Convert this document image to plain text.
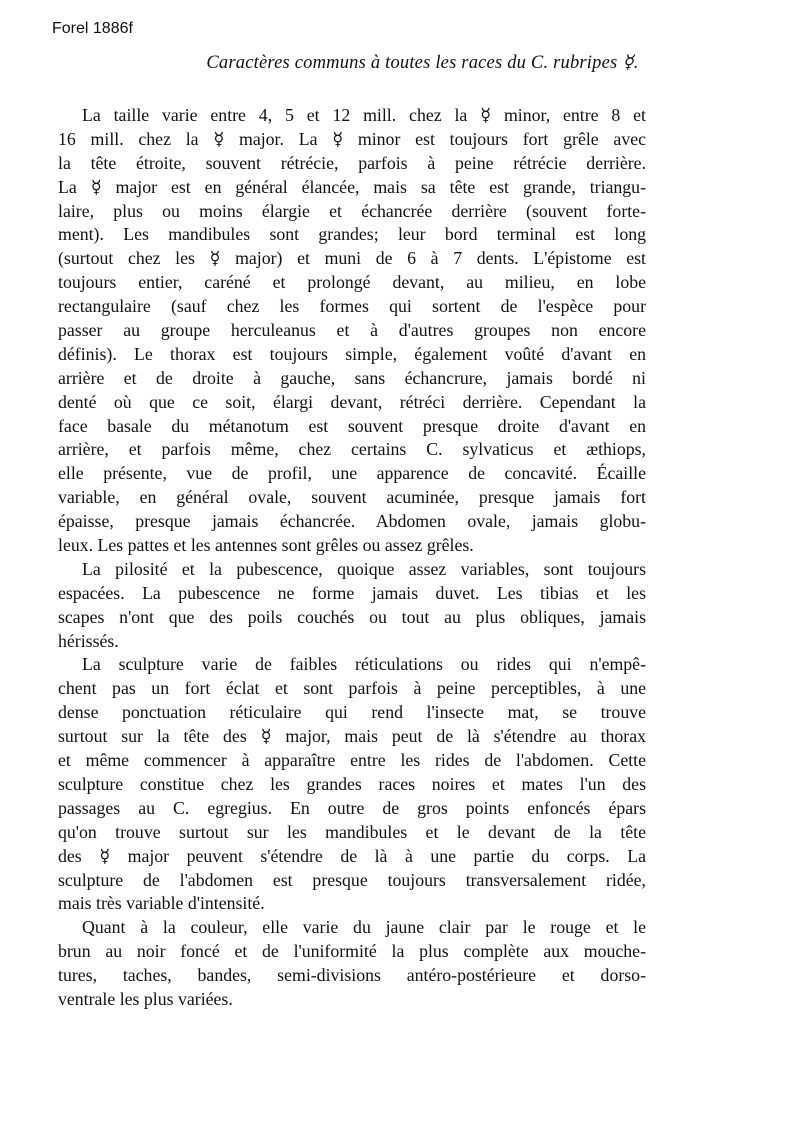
Forel 1886f
Caractères communs à toutes les races du C. rubripes ☿.
La taille varie entre 4, 5 et 12 mill. chez la ☿ minor, entre 8 et
16 mill. chez la ☿ major. La ☿ minor est toujours fort grêle avec
la tête étroite, souvent rétrécie, parfois à peine rétrécie derrière.
La ☿ major est en général élancée, mais sa tête est grande, triangu-
laire, plus ou moins élargie et échancrée derrière (souvent forte-
ment). Les mandibules sont grandes; leur bord terminal est long
(surtout chez les ☿ major) et muni de 6 à 7 dents. L'épistome est
toujours entier, caréné et prolongé devant, au milieu, en lobe
rectangulaire (sauf chez les formes qui sortent de l'espèce pour
passer au groupe herculeanus et à d'autres groupes non encore
définis). Le thorax est toujours simple, également voûté d'avant en
arrière et de droite à gauche, sans échancrure, jamais bordé ni
denté où que ce soit, élargi devant, rétréci derrière. Cependant la
face basale du métanotum est souvent presque droite d'avant en
arrière, et parfois même, chez certains C. sylvaticus et æthiops,
elle présente, vue de profil, une apparence de concavité. Écaille
variable, en général ovale, souvent acuminée, presque jamais fort
épaisse, presque jamais échancrée. Abdomen ovale, jamais globu-
leux. Les pattes et les antennes sont grêles ou assez grêles.
La pilosité et la pubescence, quoique assez variables, sont toujours
espacées. La pubescence ne forme jamais duvet. Les tibias et les
scapes n'ont que des poils couchés ou tout au plus obliques, jamais
hérissés.
La sculpture varie de faibles réticulations ou rides qui n'empê-
chent pas un fort éclat et sont parfois à peine perceptibles, à une
dense ponctuation réticulaire qui rend l'insecte mat, se trouve
surtout sur la tête des ☿ major, mais peut de là s'étendre au thorax
et même commencer à apparaître entre les rides de l'abdomen. Cette
sculpture constitue chez les grandes races noires et mates l'un des
passages au C. egregius. En outre de gros points enfoncés épars
qu'on trouve surtout sur les mandibules et le devant de la tête
des ☿ major peuvent s'étendre de là à une partie du corps. La
sculpture de l'abdomen est presque toujours transversalement ridée,
mais très variable d'intensité.
Quant à la couleur, elle varie du jaune clair par le rouge et le
brun au noir foncé et de l'uniformité la plus complète aux mouche-
tures, taches, bandes, semi-divisions antéro-postérieure et dorso-
ventrale les plus variées.
